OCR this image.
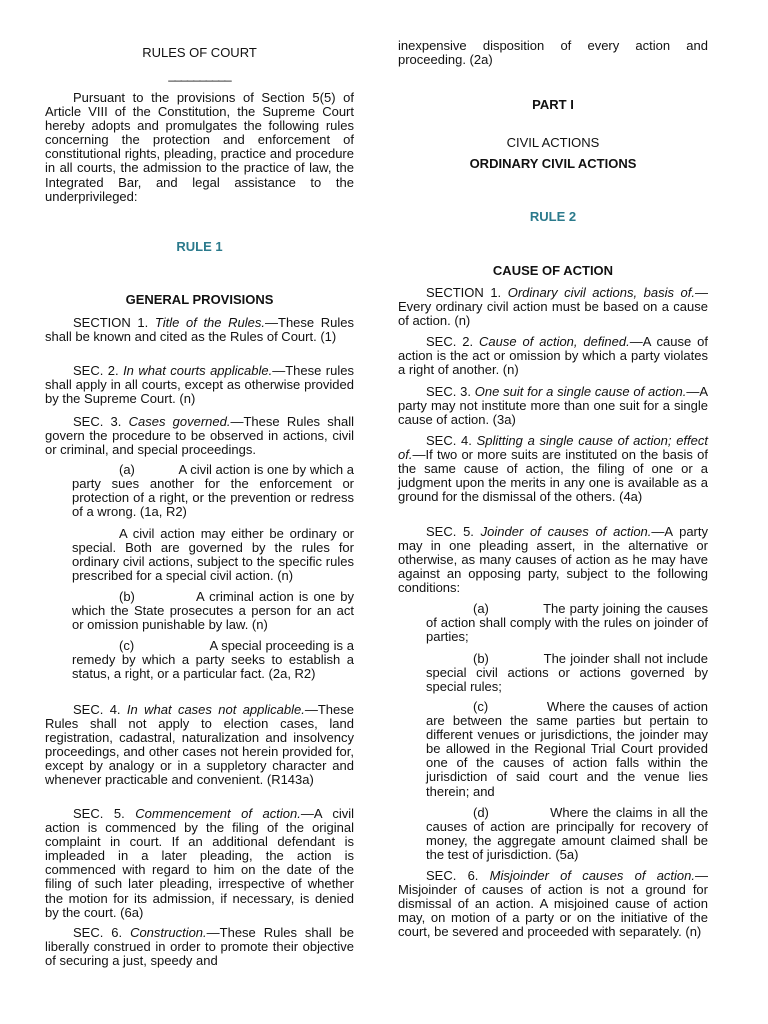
RULES OF COURT

__________

Pursuant to the provisions of Section 5(5) of Article VIII of the Constitution, the Supreme Court hereby adopts and promulgates the following rules concerning the protection and enforcement of constitutional rights, pleading, practice and procedure in all courts, the admission to the practice of law, the Integrated Bar, and legal assistance to the underprivileged:

RULE 1

GENERAL PROVISIONS

SECTION 1. Title of the Rules.—These Rules shall be known and cited as the Rules of Court. (1)

SEC. 2. In what courts applicable.—These rules shall apply in all courts, except as otherwise provided by the Supreme Court. (n)

SEC. 3. Cases governed.—These Rules shall govern the procedure to be observed in actions, civil or criminal, and special proceedings.

(a)	A civil action is one by which a party sues another for the enforcement or protection of a right, or the prevention or redress of a wrong. (1a, R2)

A civil action may either be ordinary or special. Both are governed by the rules for ordinary civil actions, subject to the specific rules prescribed for a special civil action. (n)

(b)	A criminal action is one by which the State prosecutes a person for an act or omission punishable by law. (n)

(c)	A special proceeding is a remedy by which a party seeks to establish a status, a right, or a particular fact. (2a, R2)

SEC. 4. In what cases not applicable.—These Rules shall not apply to election cases, land registration, cadastral, naturalization and insolvency proceedings, and other cases not herein provided for, except by analogy or in a suppletory character and whenever practicable and convenient. (R143a)

SEC. 5. Commencement of action.—A civil action is commenced by the filing of the original complaint in court. If an additional defendant is impleaded in a later pleading, the action is commenced with regard to him on the date of the filing of such later pleading, irrespective of whether the motion for its admission, if necessary, is denied by the court. (6a)

SEC. 6. Construction.—These Rules shall be liberally construed in order to promote their objective of securing a just, speedy and

inexpensive disposition of every action and proceeding. (2a)

PART I

CIVIL ACTIONS

ORDINARY CIVIL ACTIONS

RULE 2

CAUSE OF ACTION

SECTION 1. Ordinary civil actions, basis of.—Every ordinary civil action must be based on a cause of action. (n)

SEC. 2. Cause of action, defined.—A cause of action is the act or omission by which a party violates a right of another. (n)

SEC. 3. One suit for a single cause of action.—A party may not institute more than one suit for a single cause of action. (3a)

SEC. 4. Splitting a single cause of action; effect of.—If two or more suits are instituted on the basis of the same cause of action, the filing of one or a judgment upon the merits in any one is available as a ground for the dismissal of the others. (4a)

SEC. 5. Joinder of causes of action.—A party may in one pleading assert, in the alternative or otherwise, as many causes of action as he may have against an opposing party, subject to the following conditions:

(a)	The party joining the causes of action shall comply with the rules on joinder of parties;

(b)	The joinder shall not include special civil actions or actions governed by special rules;

(c)	Where the causes of action are between the same parties but pertain to different venues or jurisdictions, the joinder may be allowed in the Regional Trial Court provided one of the causes of action falls within the jurisdiction of said court and the venue lies therein; and

(d)	Where the claims in all the causes of action are principally for recovery of money, the aggregate amount claimed shall be the test of jurisdiction. (5a)

SEC. 6. Misjoinder of causes of action.—Misjoinder of causes of action is not a ground for dismissal of an action. A misjoined cause of action may, on motion of a party or on the initiative of the court, be severed and proceeded with separately. (n)
